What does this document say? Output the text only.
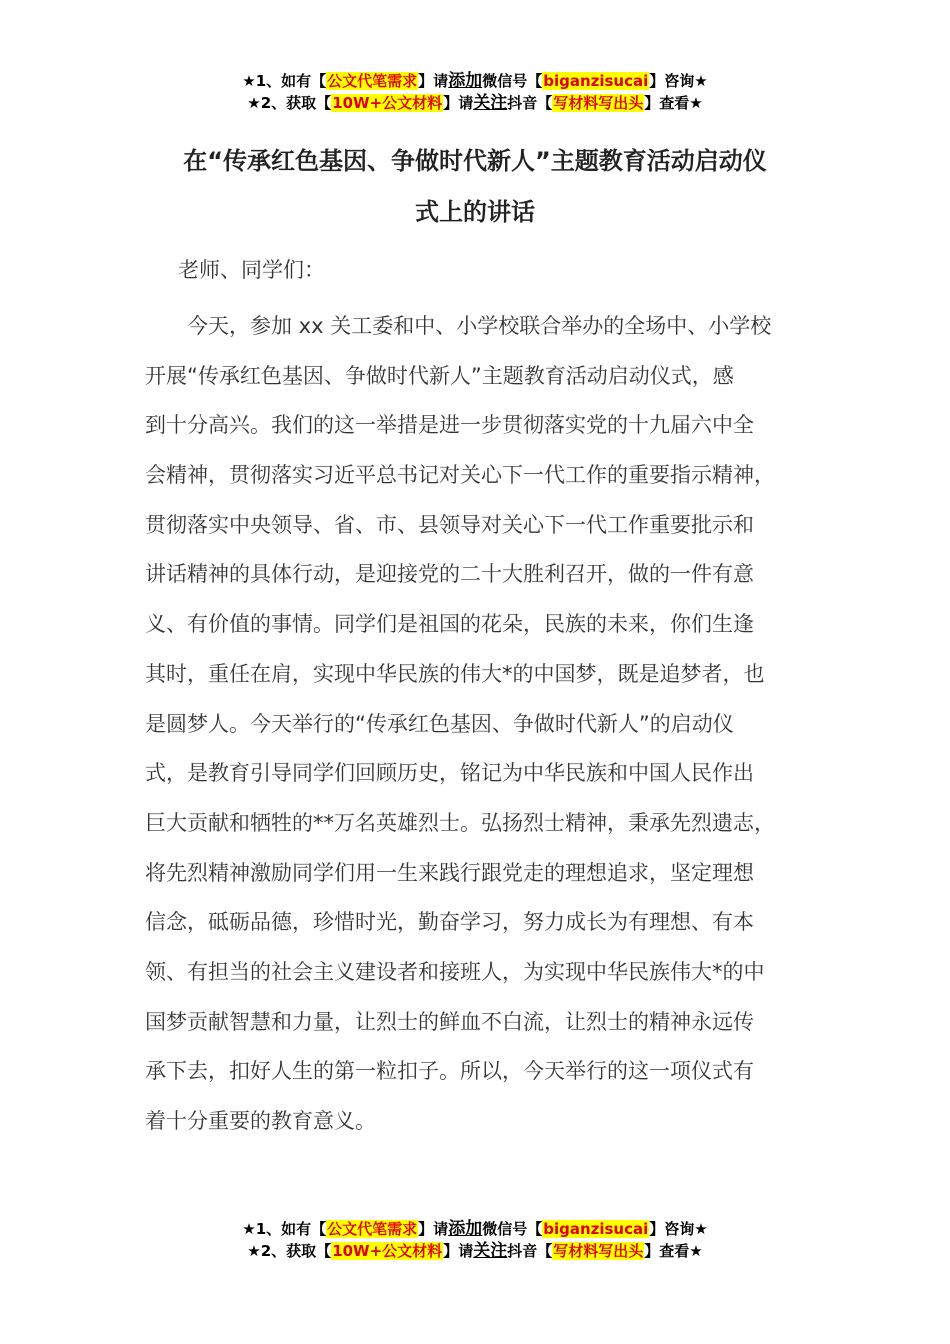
★1、如有【公文代笔需求】请添加微信号【biganzisucai】咨询★
★2、获取【10W+公文材料】请关注抖音【写材料写出头】查看★
在“传承红色基因、争做时代新人”主题教育活动启动仪
式上的讲话
老师、同学们：
　　今天，参加 xx 关工委和中、小学校联合举办的全场中、小学校
开展“传承红色基因、争做时代新人”主题教育活动启动仪式，感
到十分高兴。我们的这一举措是进一步贯彻落实党的十九届六中全
会精神，贯彻落实习近平总书记对关心下一代工作的重要指示精神，
贯彻落实中央领导、省、市、县领导对关心下一代工作重要批示和
讲话精神的具体行动，是迎接党的二十大胜利召开，做的一件有意
义、有价值的事情。同学们是祖国的花朵，民族的未来，你们生逢
其时，重任在肩，实现中华民族的伟大*的中国梦，既是追梦者，也
是圆梦人。今天举行的“传承红色基因、争做时代新人”的启动仪
式，是教育引导同学们回顾历史，铭记为中华民族和中国人民作出
巨大贡献和牺牲的**万名英雄烈士。弘扬烈士精神，秉承先烈遗志，
将先烈精神激励同学们用一生来践行跟党走的理想追求，坚定理想
信念，砥砺品德，珍惜时光，勤奋学习，努力成长为有理想、有本
领、有担当的社会主义建设者和接班人，为实现中华民族伟大*的中
国梦贡献智慧和力量，让烈士的鲜血不白流，让烈士的精神永远传
承下去，扣好人生的第一粒扣子。所以，今天举行的这一项仪式有
着十分重要的教育意义。
★1、如有【公文代笔需求】请添加微信号【biganzisucai】咨询★
★2、获取【10W+公文材料】请关注抖音【写材料写出头】查看★
